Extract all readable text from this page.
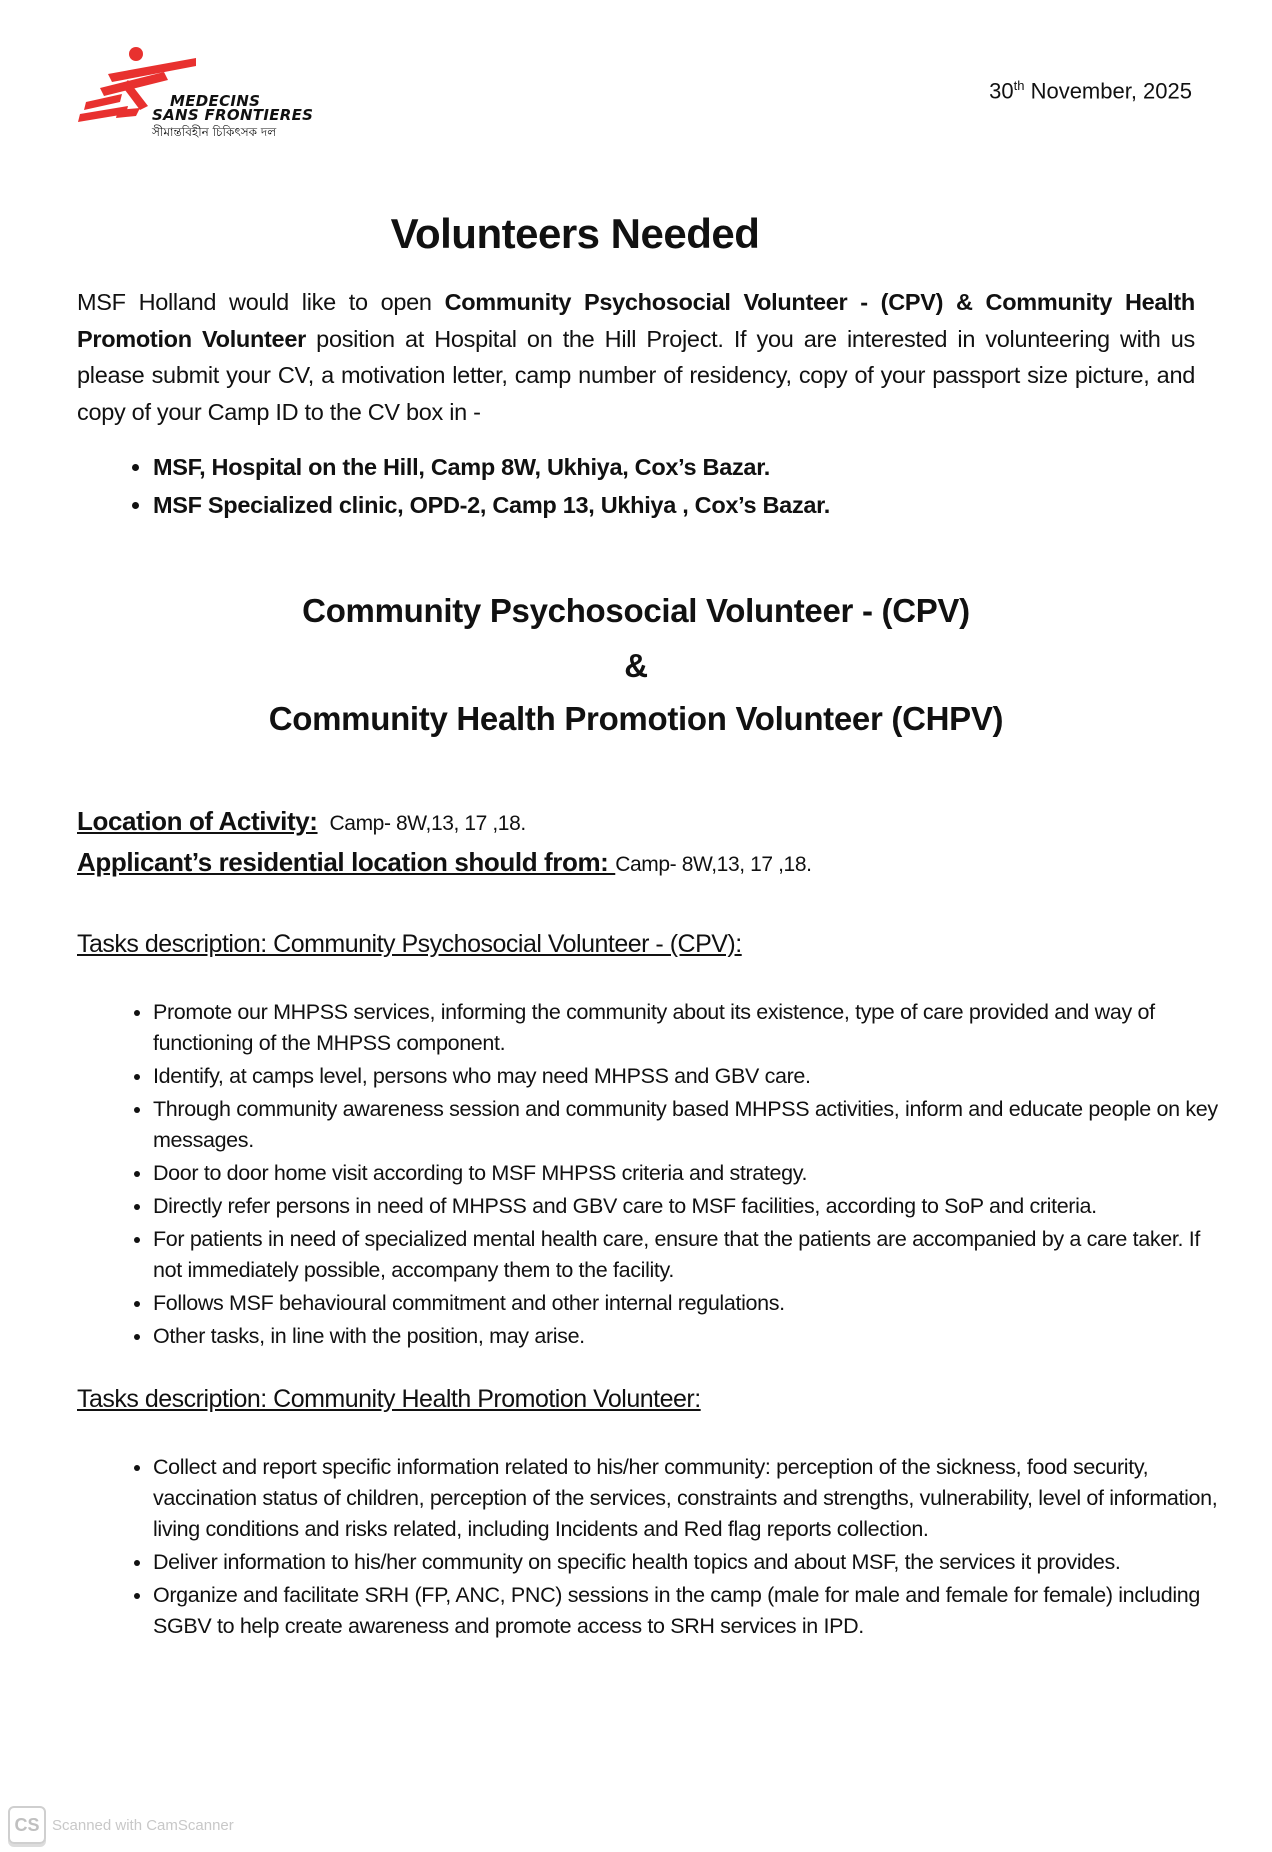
MEDECINS
SANS FRONTIERES
সীমান্তবিহীন চিকিৎসক দল
30th November, 2025
Volunteers Needed
MSF Holland would like to open Community Psychosocial Volunteer - (CPV) & Community Health Promotion Volunteer position at Hospital on the Hill Project. If you are interested in volunteering with us please submit your CV, a motivation letter, camp number of residency, copy of your passport size picture, and copy of your Camp ID to the CV box in -
• MSF, Hospital on the Hill, Camp 8W, Ukhiya, Cox’s Bazar.
• MSF Specialized clinic, OPD-2, Camp 13, Ukhiya , Cox’s Bazar.
Community Psychosocial Volunteer - (CPV)
&
Community Health Promotion Volunteer (CHPV)
Location of Activity: Camp- 8W,13, 17 ,18.
Applicant’s residential location should from: Camp- 8W,13, 17 ,18.
Tasks description: Community Psychosocial Volunteer - (CPV):
• Promote our MHPSS services, informing the community about its existence, type of care provided and way of functioning of the MHPSS component.
• Identify, at camps level, persons who may need MHPSS and GBV care.
• Through community awareness session and community based MHPSS activities, inform and educate people on key messages.
• Door to door home visit according to MSF MHPSS criteria and strategy.
• Directly refer persons in need of MHPSS and GBV care to MSF facilities, according to SoP and criteria.
• For patients in need of specialized mental health care, ensure that the patients are accompanied by a care taker. If not immediately possible, accompany them to the facility.
• Follows MSF behavioural commitment and other internal regulations.
• Other tasks, in line with the position, may arise.
Tasks description: Community Health Promotion Volunteer:
• Collect and report specific information related to his/her community: perception of the sickness, food security, vaccination status of children, perception of the services, constraints and strengths, vulnerability, level of information, living conditions and risks related, including Incidents and Red flag reports collection.
• Deliver information to his/her community on specific health topics and about MSF, the services it provides.
• Organize and facilitate SRH (FP, ANC, PNC) sessions in the camp (male for male and female for female) including SGBV to help create awareness and promote access to SRH services in IPD.
CS Scanned with CamScanner
